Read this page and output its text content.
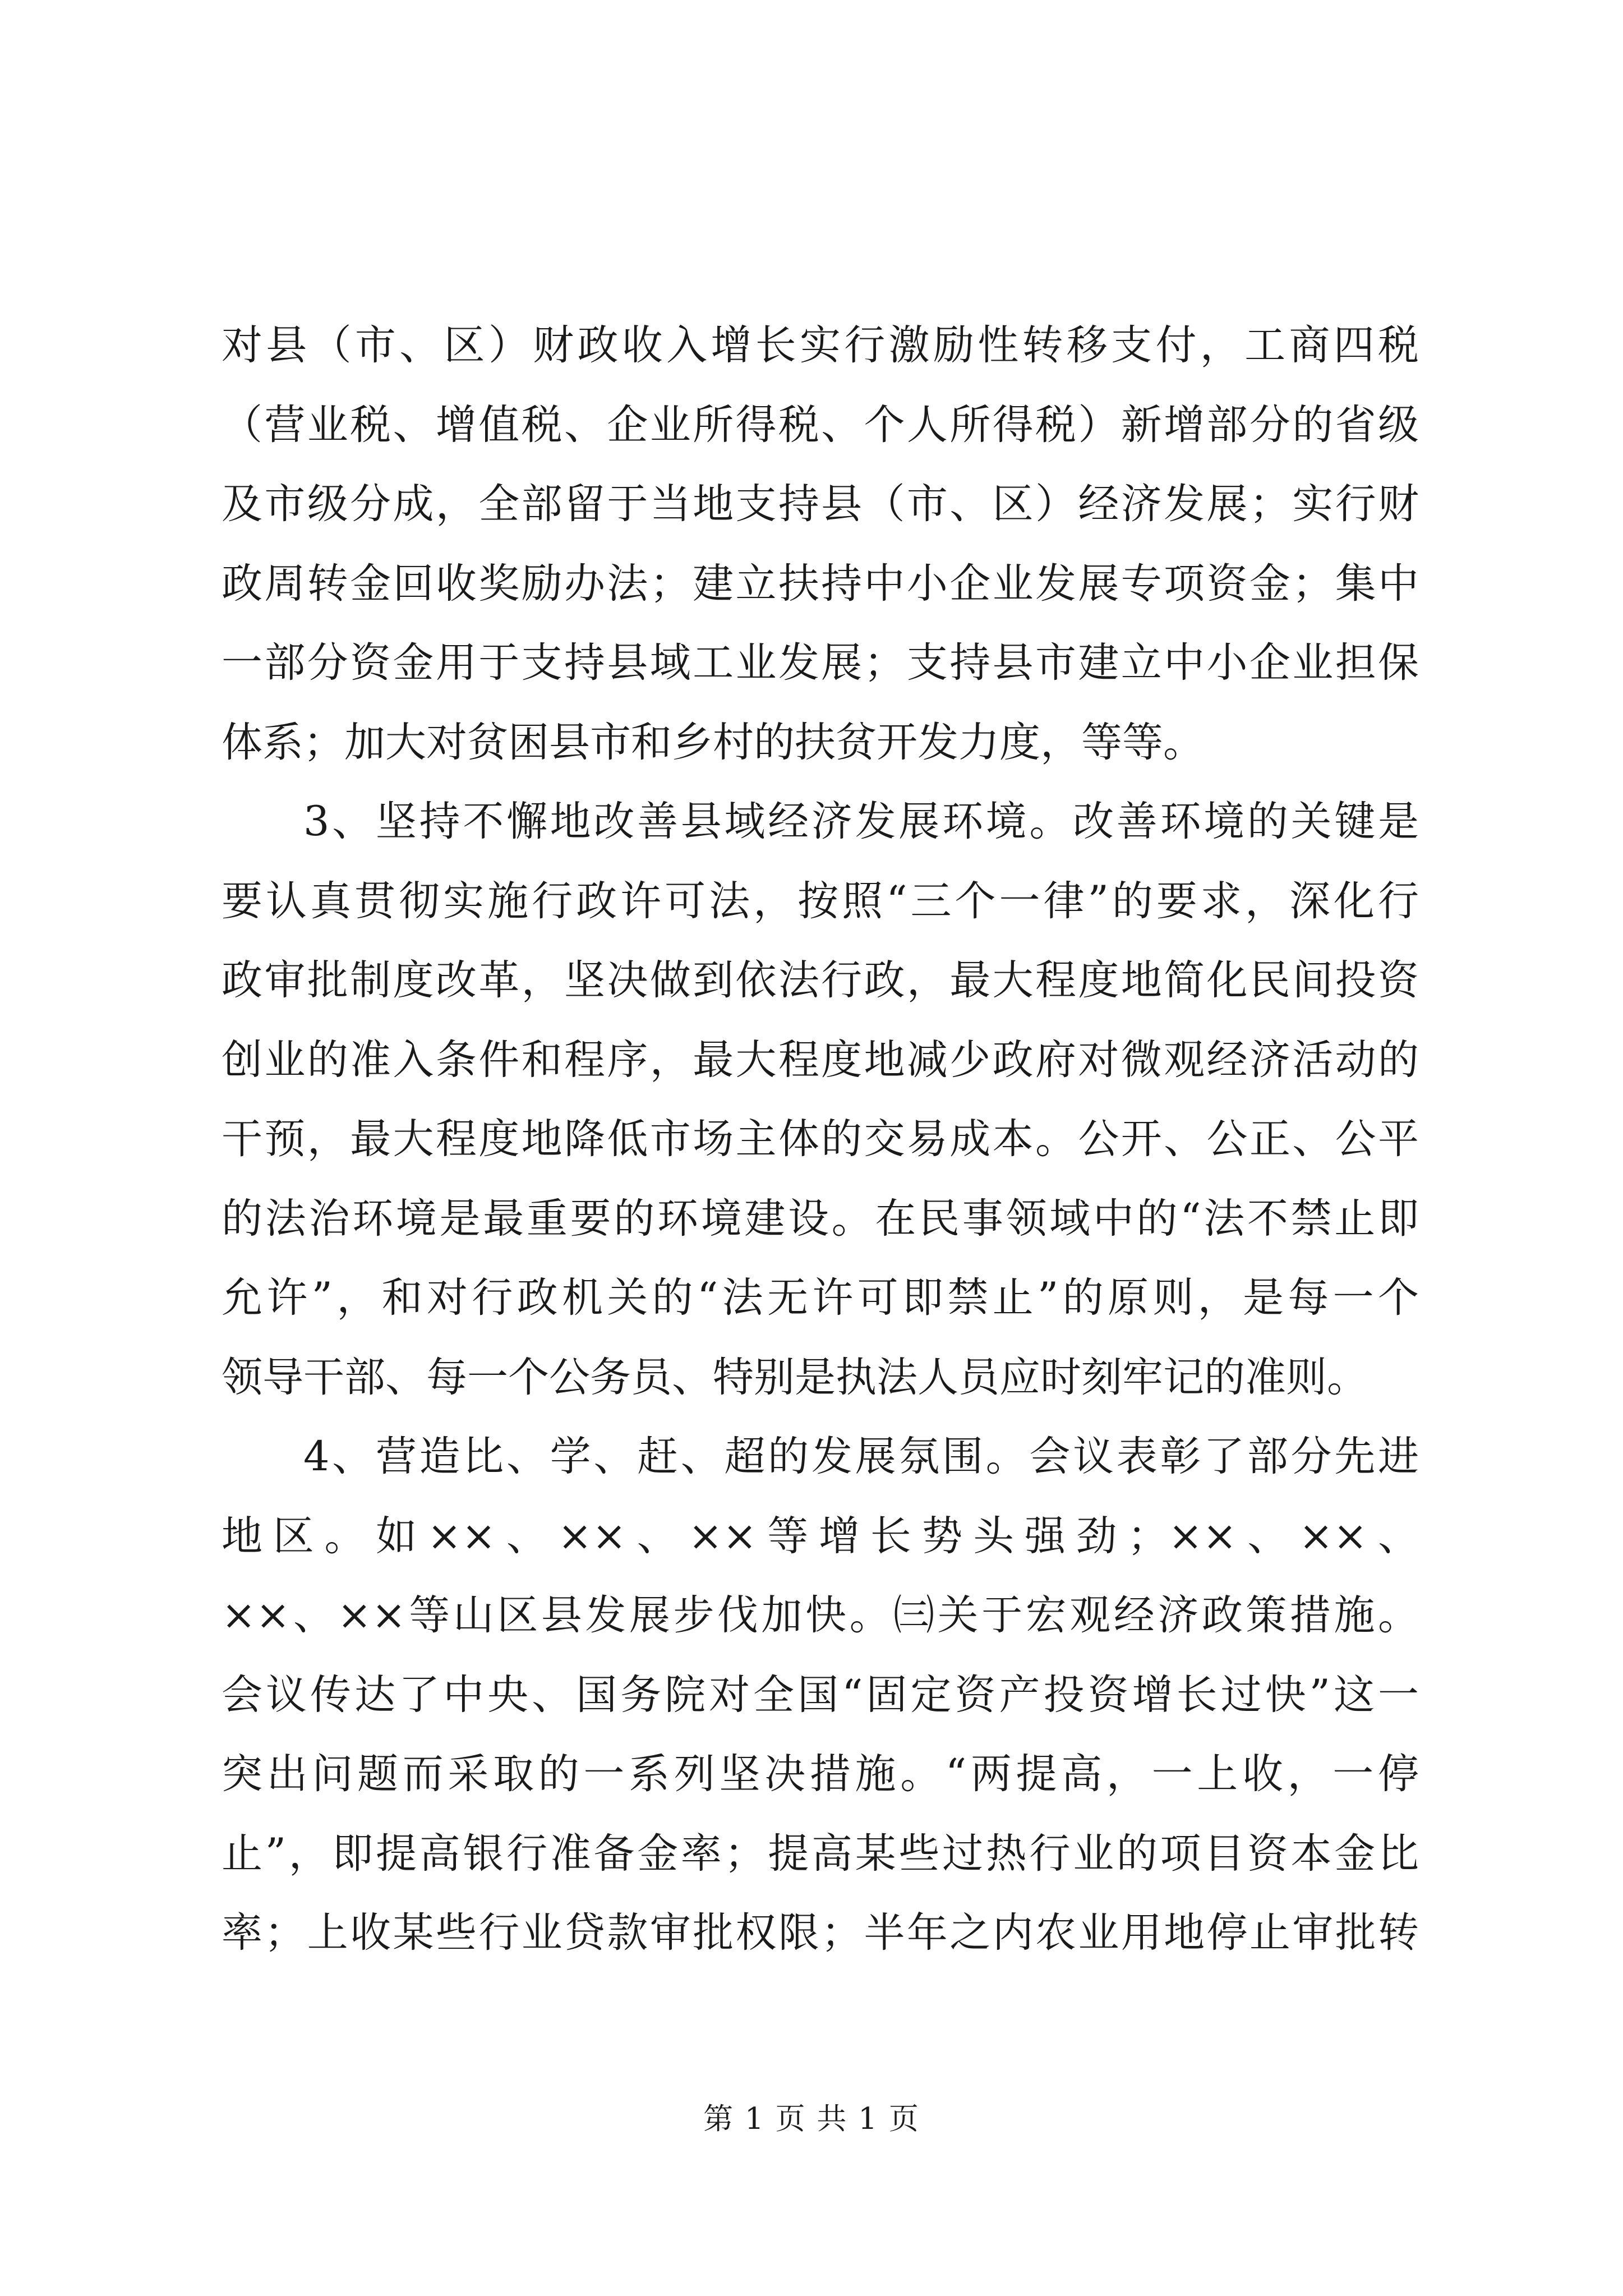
对县（市、区）财政收入增长实行激励性转移支付，工商四税
（营业税、增值税、企业所得税、个人所得税）新增部分的省级
及市级分成，全部留于当地支持县（市、区）经济发展；实行财
政周转金回收奖励办法；建立扶持中小企业发展专项资金；集中
一部分资金用于支持县域工业发展；支持县市建立中小企业担保
体系；加大对贫困县市和乡村的扶贫开发力度，等等。
3、坚持不懈地改善县域经济发展环境。改善环境的关键是
要认真贯彻实施行政许可法，按照“三个一律”的要求，深化行
政审批制度改革，坚决做到依法行政，最大程度地简化民间投资
创业的准入条件和程序，最大程度地减少政府对微观经济活动的
干预，最大程度地降低市场主体的交易成本。公开、公正、公平
的法治环境是最重要的环境建设。在民事领域中的“法不禁止即
允许”，和对行政机关的“法无许可即禁止”的原则，是每一个
领导干部、每一个公务员、特别是执法人员应时刻牢记的准则。
4、营造比、学、赶、超的发展氛围。会议表彰了部分先进
地区。如××、××、××等增长势头强劲；××、××、
××、××等山区县发展步伐加快。㈢关于宏观经济政策措施。
会议传达了中央、国务院对全国“固定资产投资增长过快”这一
突出问题而采取的一系列坚决措施。“两提高，一上收，一停
止”，即提高银行准备金率；提高某些过热行业的项目资本金比
率；上收某些行业贷款审批权限；半年之内农业用地停止审批转
第 1 页 共 1 页
